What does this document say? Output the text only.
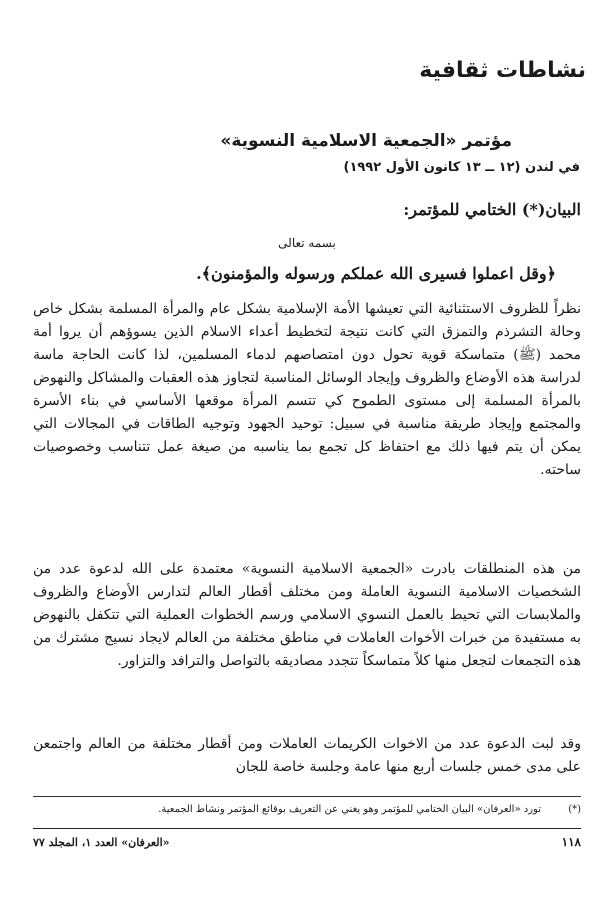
نشاطات ثقافية
مؤتمر «الجمعية الاسلامية النسوية»

في لندن (١٢ ــ ١٣ كانون الأول ١٩٩٢)

البيان(*) الختامي للمؤتمر:

بسمه تعالى

﴿وقل اعملوا فسيرى الله عملكم ورسوله والمؤمنون﴾.

نظراً للظروف الاستثنائية التي تعيشها الأمة الإسلامية بشكل عام والمرأة المسلمة بشكل خاص وحالة التشرذم والتمزق التي كانت نتيجة لتخطيط أعداء الاسلام الذين يسوؤهم أن يروا أمة محمد (ﷺ) متماسكة قوية تحول دون امتصاصهم لدماء المسلمين، لذا كانت الحاجة ماسة لدراسة هذه الأوضاع والظروف وإيجاد الوسائل المناسبة لتجاوز هذه العقبات والمشاكل والنهوض بالمرأة المسلمة إلى مستوى الطموح كي تتسم المرأة موقعها الأساسي في بناء الأسرة والمجتمع وإيجاد طريقة مناسبة في سبيل: توحيد الجهود وتوجيه الطاقات في المجالات التي يمكن أن يتم فيها ذلك مع احتفاظ كل تجمع بما يناسبه من صيغة عمل تتناسب وخصوصيات ساحته.

من هذه المنطلقات بادرت «الجمعية الاسلامية النسوية» معتمدة على الله لدعوة عدد من الشخصيات الاسلامية النسوية العاملة ومن مختلف أقطار العالم لتدارس الأوضاع والظروف والملابسات التي تحيط بالعمل النسوي الاسلامي ورسم الخطوات العملية التي تتكفل بالنهوض به مستفيدة من خبرات الأخوات العاملات في مناطق مختلفة من العالم لايجاد نسيج مشترك من هذه التجمعات لتجعل منها كلاً متماسكاً تتجدد مصاديقه بالتواصل والترافد والتزاور.

وقد لبت الدعوة عدد من الاخوات الكريمات العاملات ومن أقطار مختلفة من العالم واجتمعن على مدى خمس جلسات أربع منها عامة وجلسة خاصة للجان

(*) تورد «العرفان» البيان الختامي للمؤتمر وهو يغني عن التعريف بوقائع المؤتمر ونشاط الجمعية.

١١٨

«العرفان» العدد ١، المجلد ٧٧
